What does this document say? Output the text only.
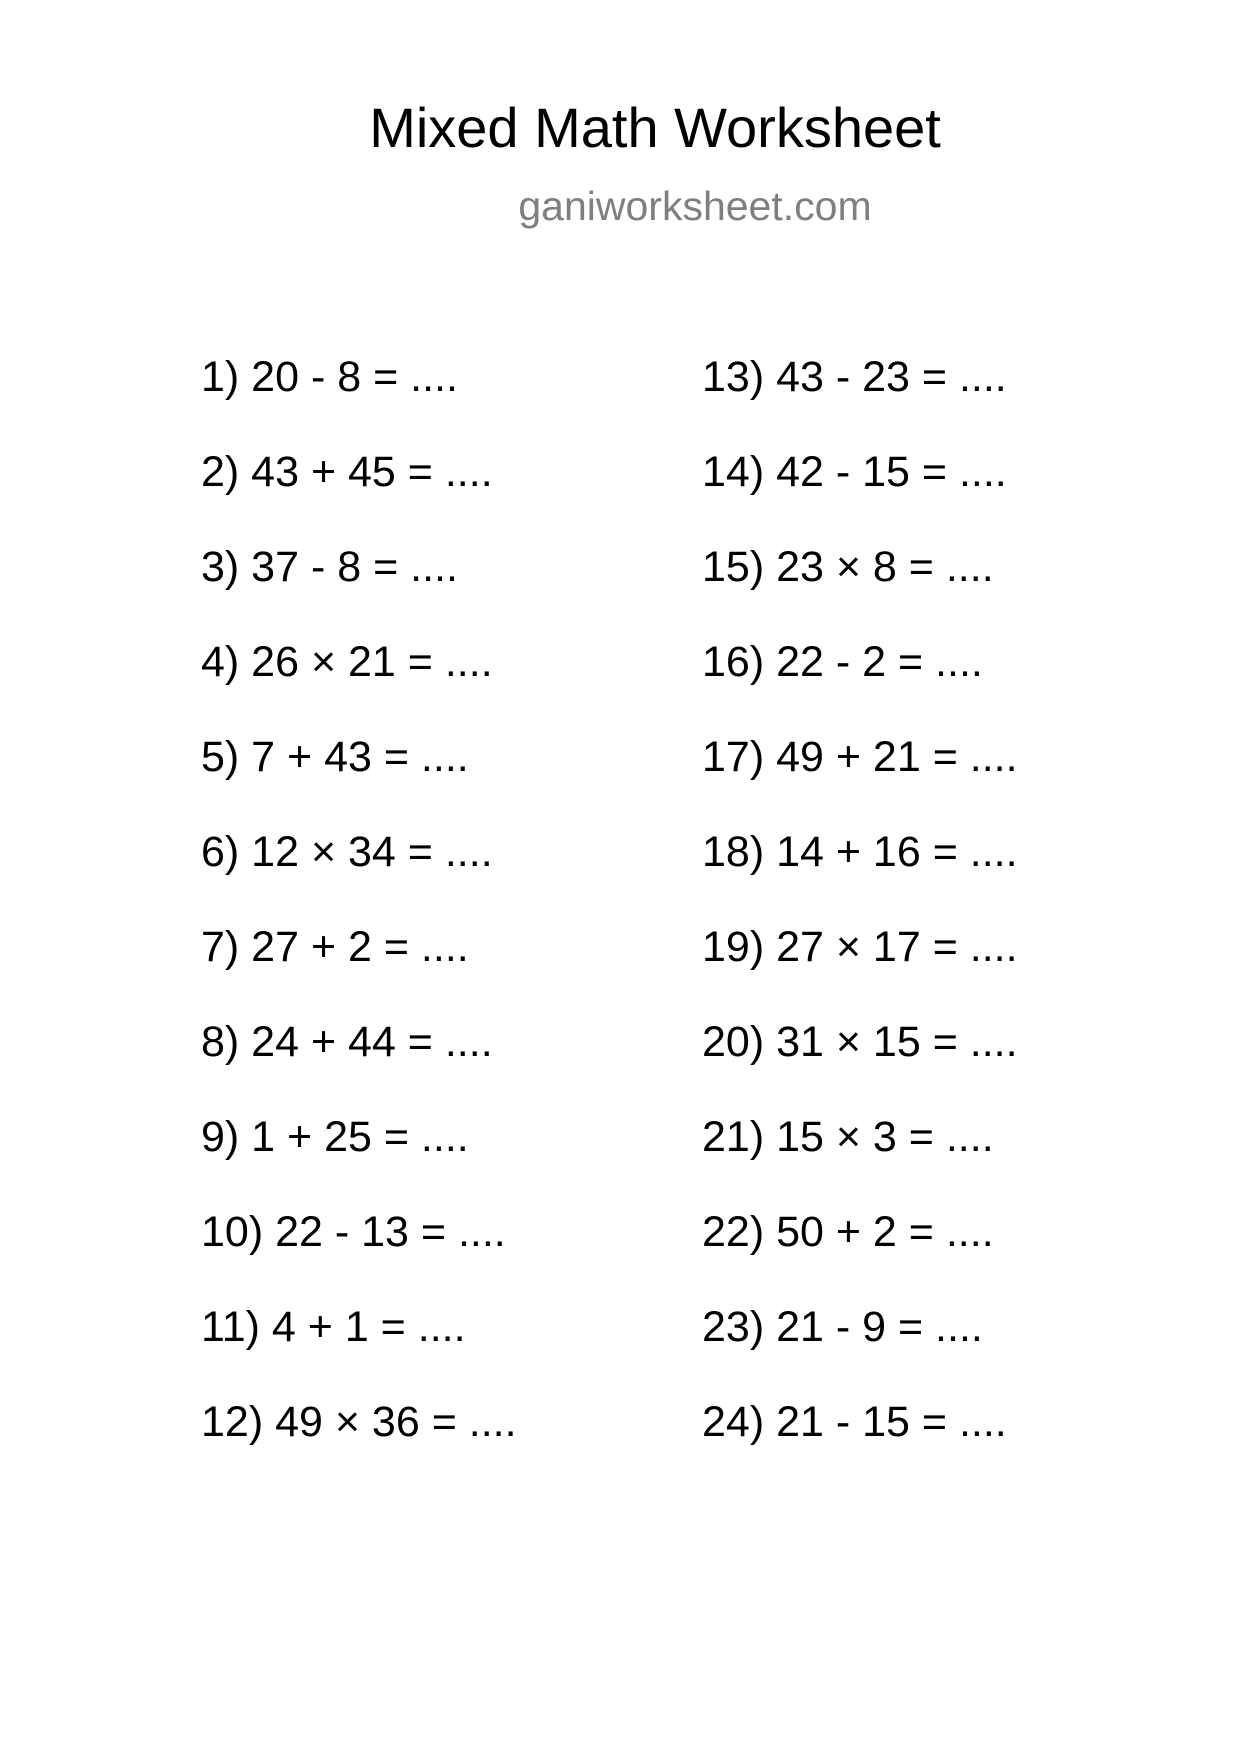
Mixed Math Worksheet
ganiworksheet.com
1) 20 - 8 = ....
2) 43 + 45 = ....
3) 37 - 8 = ....
4) 26 × 21 = ....
5) 7 + 43 = ....
6) 12 × 34 = ....
7) 27 + 2 = ....
8) 24 + 44 = ....
9) 1 + 25 = ....
10) 22 - 13 = ....
11) 4 + 1 = ....
12) 49 × 36 = ....
13) 43 - 23 = ....
14) 42 - 15 = ....
15) 23 × 8 = ....
16) 22 - 2 = ....
17) 49 + 21 = ....
18) 14 + 16 = ....
19) 27 × 17 = ....
20) 31 × 15 = ....
21) 15 × 3 = ....
22) 50 + 2 = ....
23) 21 - 9 = ....
24) 21 - 15 = ....
